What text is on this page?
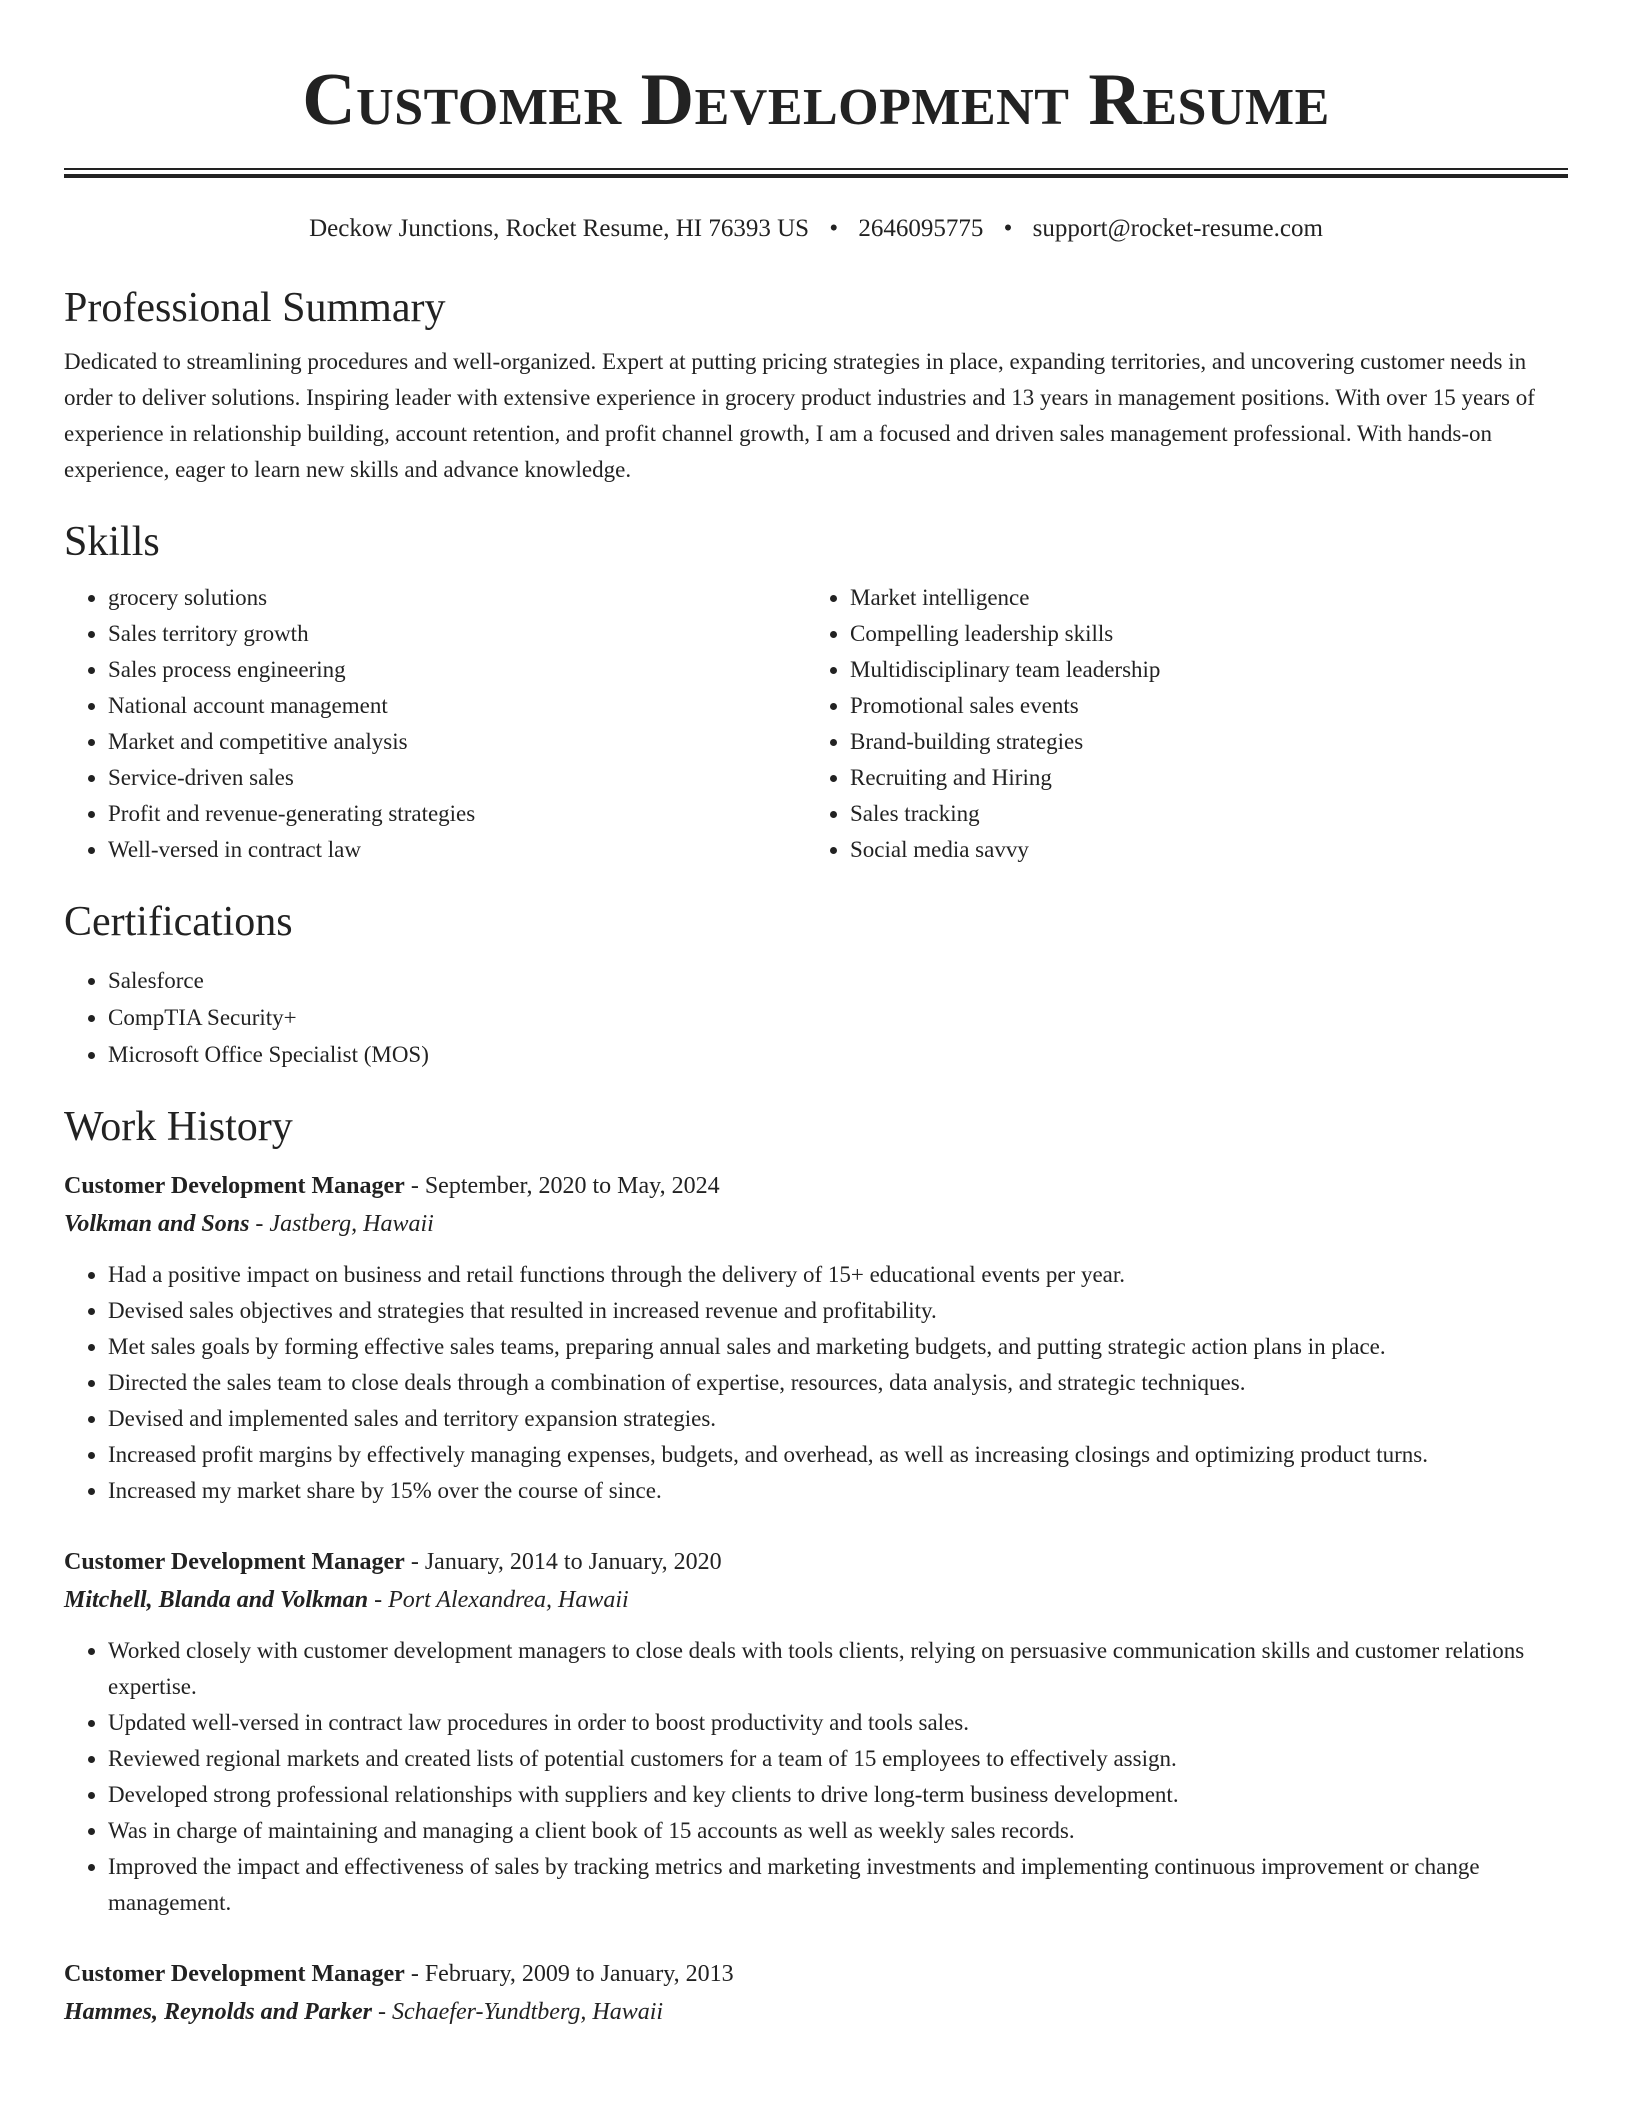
Customer Development Resume
Deckow Junctions, Rocket Resume, HI 76393 US • 2646095775 • support@rocket-resume.com
Professional Summary
Dedicated to streamlining procedures and well-organized. Expert at putting pricing strategies in place, expanding territories, and uncovering customer needs in order to deliver solutions. Inspiring leader with extensive experience in grocery product industries and 13 years in management positions. With over 15 years of experience in relationship building, account retention, and profit channel growth, I am a focused and driven sales management professional. With hands-on experience, eager to learn new skills and advance knowledge.
Skills
• grocery solutions
• Sales territory growth
• Sales process engineering
• National account management
• Market and competitive analysis
• Service-driven sales
• Profit and revenue-generating strategies
• Well-versed in contract law
• Market intelligence
• Compelling leadership skills
• Multidisciplinary team leadership
• Promotional sales events
• Brand-building strategies
• Recruiting and Hiring
• Sales tracking
• Social media savvy
Certifications
• Salesforce
• CompTIA Security+
• Microsoft Office Specialist (MOS)
Work History
Customer Development Manager - September, 2020 to May, 2024
Volkman and Sons - Jastberg, Hawaii
• Had a positive impact on business and retail functions through the delivery of 15+ educational events per year.
• Devised sales objectives and strategies that resulted in increased revenue and profitability.
• Met sales goals by forming effective sales teams, preparing annual sales and marketing budgets, and putting strategic action plans in place.
• Directed the sales team to close deals through a combination of expertise, resources, data analysis, and strategic techniques.
• Devised and implemented sales and territory expansion strategies.
• Increased profit margins by effectively managing expenses, budgets, and overhead, as well as increasing closings and optimizing product turns.
• Increased my market share by 15% over the course of since.
Customer Development Manager - January, 2014 to January, 2020
Mitchell, Blanda and Volkman - Port Alexandrea, Hawaii
• Worked closely with customer development managers to close deals with tools clients, relying on persuasive communication skills and customer relations expertise.
• Updated well-versed in contract law procedures in order to boost productivity and tools sales.
• Reviewed regional markets and created lists of potential customers for a team of 15 employees to effectively assign.
• Developed strong professional relationships with suppliers and key clients to drive long-term business development.
• Was in charge of maintaining and managing a client book of 15 accounts as well as weekly sales records.
• Improved the impact and effectiveness of sales by tracking metrics and marketing investments and implementing continuous improvement or change management.
Customer Development Manager - February, 2009 to January, 2013
Hammes, Reynolds and Parker - Schaefer-Yundtberg, Hawaii
